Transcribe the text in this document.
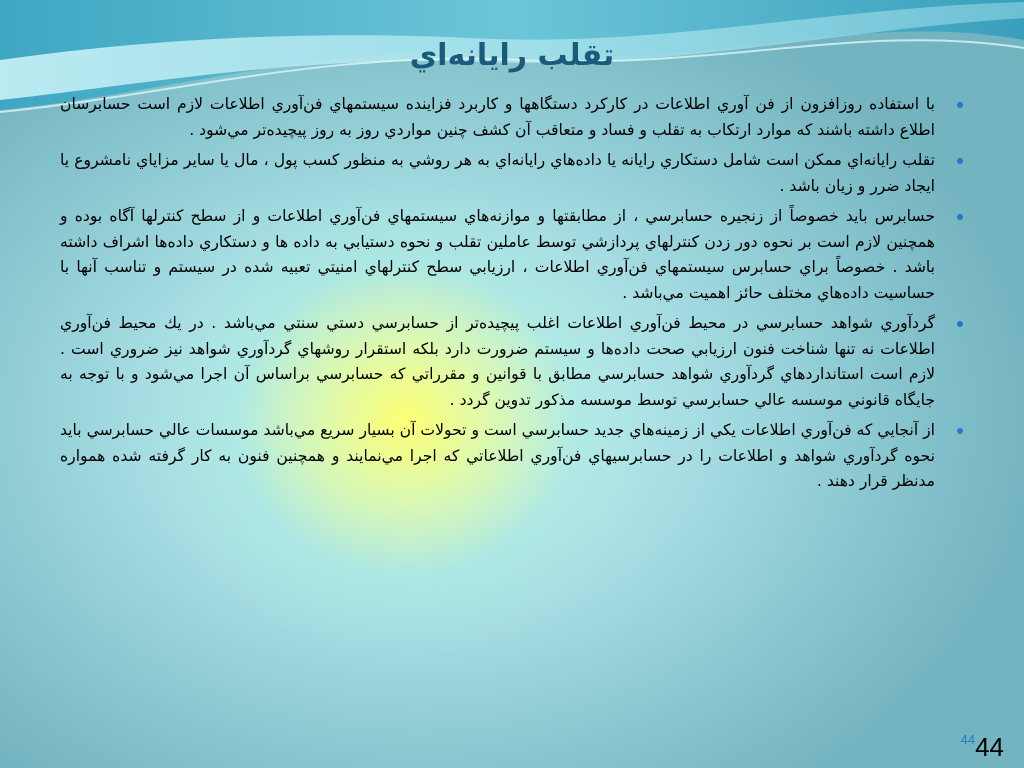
تقلب رايانه‌اي
با استفاده روزافزون از فن آوري اطلاعات در كاركرد دستگاهها و كاربرد فزاينده سيستمهاي فن‌آوري اطلاعات لازم است حسابرسان اطلاع داشته باشند كه موارد ارتكاب به تقلب و فساد و متعاقب آن كشف چنين مواردي روز به روز پيچيده‌تر مي‌شود .
تقلب رايانه‌اي ممكن است شامل دستكاري رايانه يا داده‌هاي رايانه‌اي به هر روشي به منظور كسب پول ، مال يا ساير مزاياي نامشروع يا ايجاد ضرر و زيان باشد .
حسابرس بايد خصوصاً از زنجيره حسابرسي ، از مطابقتها و موازنه‌هاي سيستمهاي فن‌آوري اطلاعات و از سطح كنترلها آگاه بوده و همچنين لازم است بر نحوه دور زدن كنترلهاي پردازشي توسط عاملين تقلب و نحوه دستيابي به داده ها و دستكاري داده‌ها اشراف داشته باشد . خصوصاً براي حسابرس سيستمهاي فن‌آوري اطلاعات ، ارزيابي سطح كنترلهاي امنيتي تعبيه شده در سيستم و تناسب آنها با حساسيت داده‌هاي مختلف حائز اهميت مي‌باشد .
گردآوري شواهد حسابرسي در محيط فن‌آوري اطلاعات اغلب پيچيده‌تر از حسابرسي دستي سنتي مي‌باشد . در يك محيط فن‌آوري اطلاعات نه تنها شناخت فنون ارزيابي صحت داده‌ها و سيستم ضرورت دارد بلكه استقرار روشهاي گردآوري شواهد نيز ضروري است . لازم است استانداردهاي گردآوري شواهد حسابرسي مطابق با قوانين و مقرراتي كه حسابرسي براساس آن اجرا مي‌شود و با توجه به جايگاه قانوني موسسه عالي حسابرسي توسط موسسه مذكور تدوين گردد .
از آنجايي كه فن‌آوري اطلاعات يكي از زمينه‌هاي جديد حسابرسي است و تحولات آن بسيار سريع مي‌باشد موسسات عالي حسابرسي بايد نحوه گردآوري شواهد و اطلاعات را در حسابرسيهاي فن‌آوري اطلاعاتي كه اجرا مي‌نمايند و همچنين فنون به كار گرفته شده همواره مدنظر قرار دهند .
$^{44}$44
